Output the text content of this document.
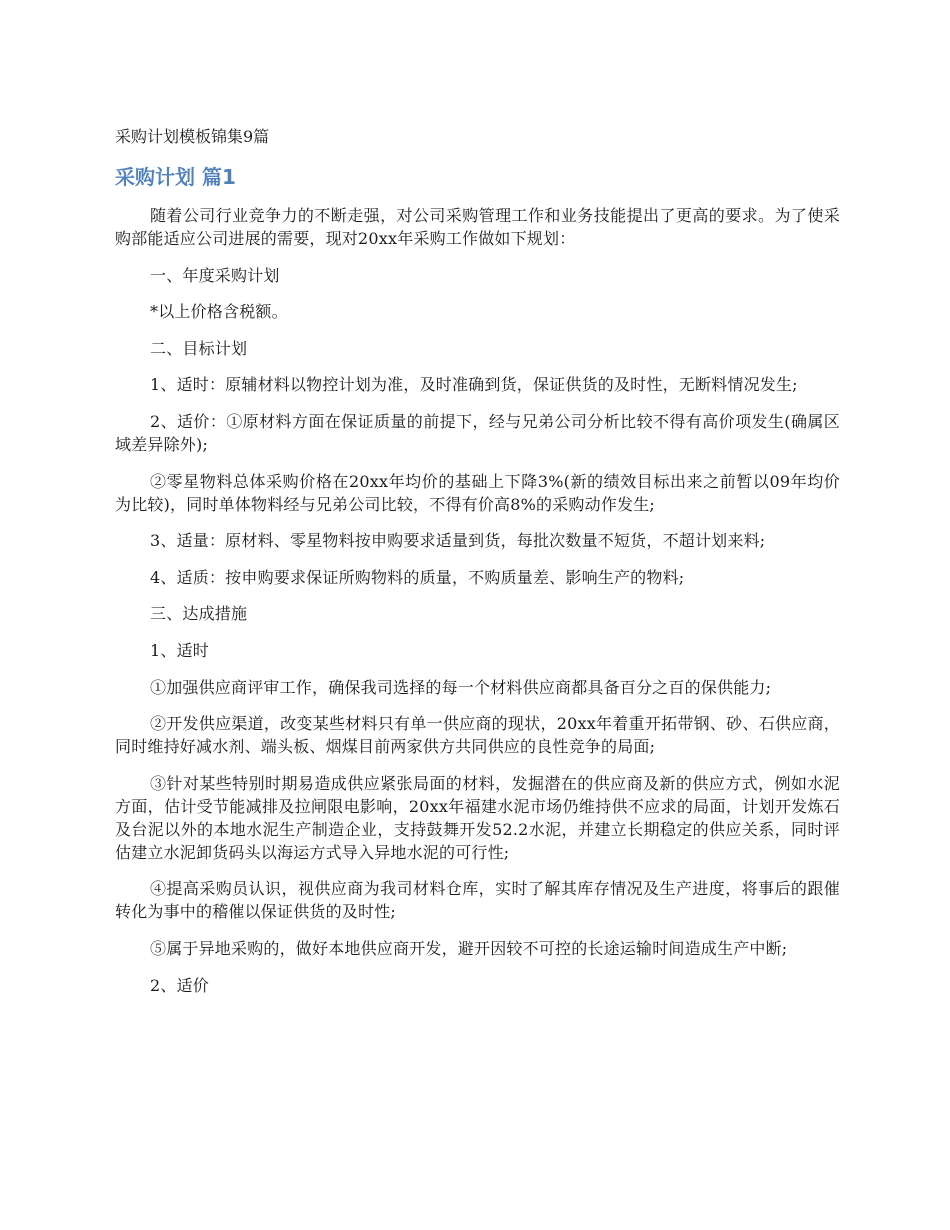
采购计划模板锦集9篇
采购计划 篇1

随着公司行业竞争力的不断走强，对公司采购管理工作和业务技能提出了更高的要求。为了使采购部能适应公司进展的需要，现对20xx年采购工作做如下规划：

一、年度采购计划

*以上价格含税额。

二、目标计划

1、适时：原辅材料以物控计划为准，及时准确到货，保证供货的及时性，无断料情况发生;

2、适价：①原材料方面在保证质量的前提下，经与兄弟公司分析比较不得有高价项发生(确属区域差异除外);

②零星物料总体采购价格在20xx年均价的基础上下降3%(新的绩效目标出来之前暂以09年均价为比较)，同时单体物料经与兄弟公司比较，不得有价高8%的采购动作发生;

3、适量：原材料、零星物料按申购要求适量到货，每批次数量不短货，不超计划来料;

4、适质：按申购要求保证所购物料的质量，不购质量差、影响生产的物料;

三、达成措施

1、适时

①加强供应商评审工作，确保我司选择的每一个材料供应商都具备百分之百的保供能力;

②开发供应渠道，改变某些材料只有单一供应商的现状，20xx年着重开拓带钢、砂、石供应商，同时维持好减水剂、端头板、烟煤目前两家供方共同供应的良性竞争的局面;

③针对某些特别时期易造成供应紧张局面的材料，发掘潜在的供应商及新的供应方式，例如水泥方面，估计受节能减排及拉闸限电影响，20xx年福建水泥市场仍维持供不应求的局面，计划开发炼石及台泥以外的本地水泥生产制造企业，支持鼓舞开发52.2水泥，并建立长期稳定的供应关系，同时评估建立水泥卸货码头以海运方式导入异地水泥的可行性;

④提高采购员认识，视供应商为我司材料仓库，实时了解其库存情况及生产进度，将事后的跟催转化为事中的稽催以保证供货的及时性;

⑤属于异地采购的，做好本地供应商开发，避开因较不可控的长途运输时间造成生产中断;

2、适价
